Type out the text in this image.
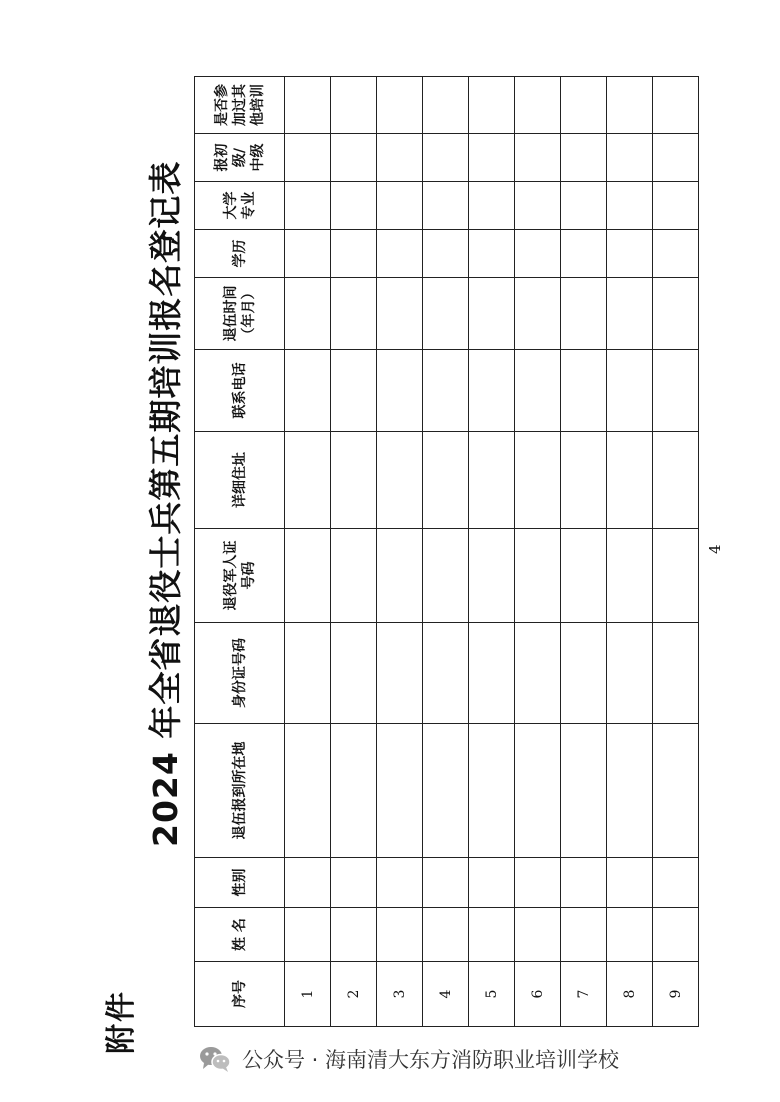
附件
2024 年全省退役士兵第五期培训报名登记表
序号	姓 名	性别	退伍报到所在地	身份证号码	退役军人证
号码	详细住址	联系电话	退伍时间
（年月）	学历	大学
专业	报初
级/
中级	是否参
加过其
他培训
1												
2												
3												
4												
5												
6												
7												
8												
9												
4
公众号 · 海南清大东方消防职业培训学校
